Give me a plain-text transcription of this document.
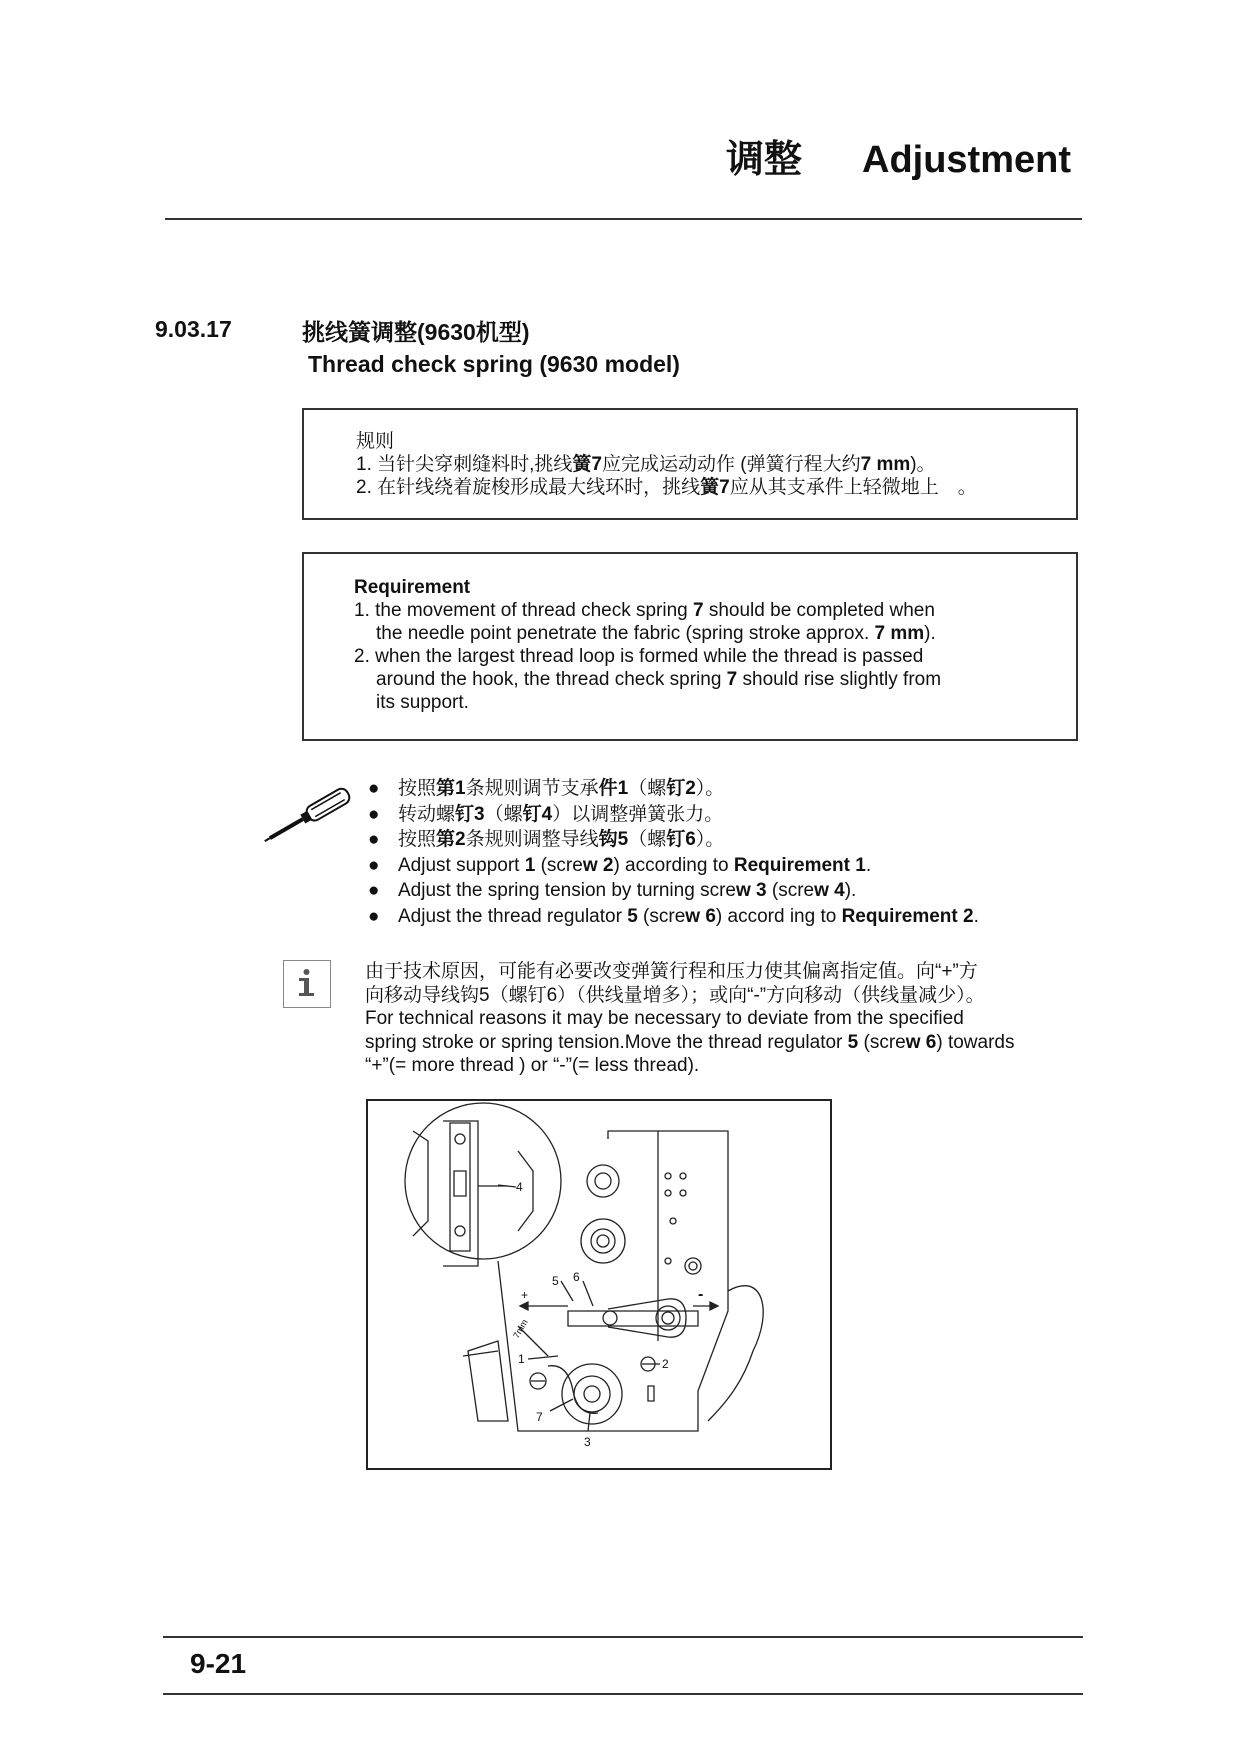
调整 Adjustment
9.03.17	挑线簧调整(9630机型)
Thread check spring (9630 model)
规则
1. 当针尖穿刺缝料时,挑线簧7应完成运动动作 (弹簧行程大约7 mm)。
2. 在针线绕着旋梭形成最大线环时，挑线簧7应从其支承件上轻微地上　。
Requirement
1. the movement of thread check spring 7 should be completed when
the needle point penetrate the fabric (spring stroke approx. 7 mm).
2. when the largest thread loop is formed while the thread is passed
around the hook, the thread check spring 7 should rise slightly from
its support.
● 按照第1条规则调节支承件1（螺钉2）。
● 转动螺钉3（螺钉4）以调整弹簧张力。
● 按照第2条规则调整导线钩5（螺钉6）。
● Adjust support 1 (screw 2) according to Requirement 1.
● Adjust the spring tension by turning screw 3 (screw 4).
● Adjust the thread regulator 5 (screw 6) accord ing to Requirement 2.
由于技术原因，可能有必要改变弹簧行程和压力使其偏离指定值。向“+”方
向移动导线钩5（螺钉6）（供线量增多）；或向“-”方向移动（供线量减少）。
For technical reasons it may be necessary to deviate from the specified
spring stroke or spring tension.Move the thread regulator 5 (screw 6) towards
“+”(= more thread ) or “-”(= less thread).
4
5 6
1	2
7
3
+	-
7mm
9-21
